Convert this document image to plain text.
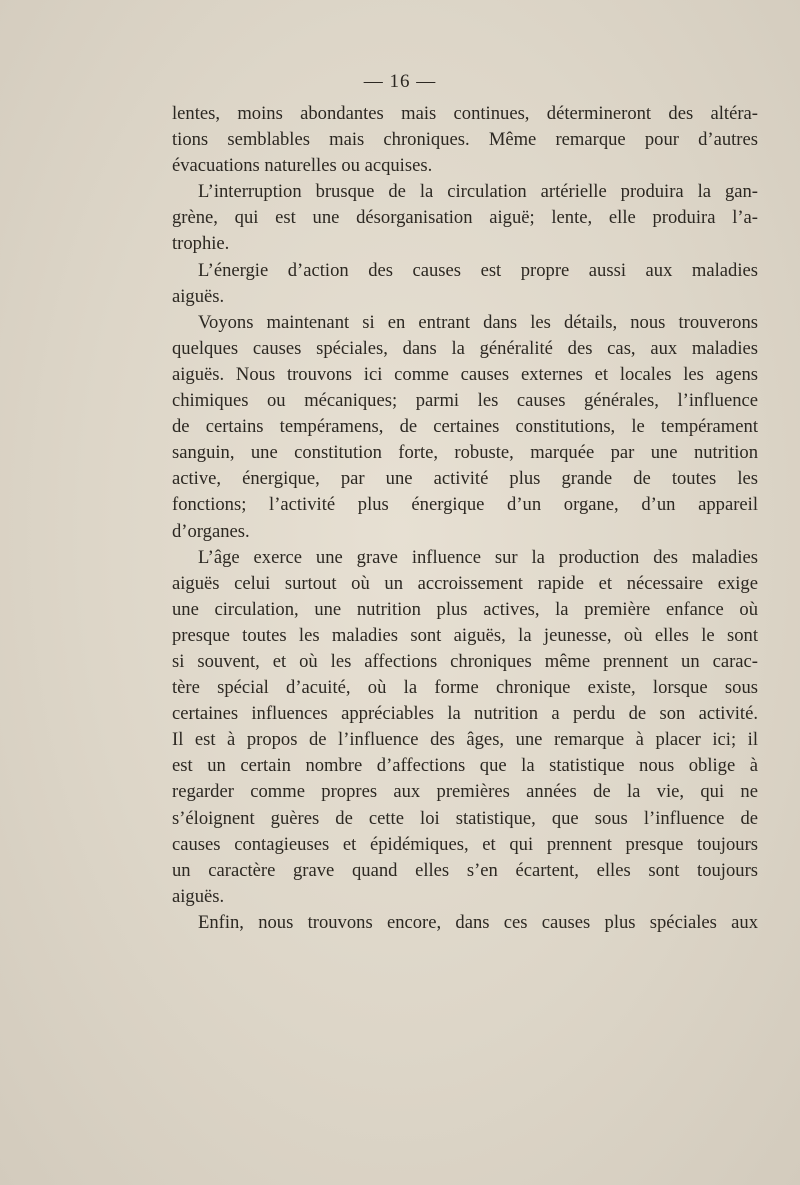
— 16 —
lentes, moins abondantes mais continues, détermineront des altéra-
tions semblables mais chroniques. Même remarque pour d’autres
évacuations naturelles ou acquises.
L’interruption brusque de la circulation artérielle produira la gan-
grène, qui est une désorganisation aiguë; lente, elle produira l’a-
trophie.
L’énergie d’action des causes est propre aussi aux maladies
aiguës.
Voyons maintenant si en entrant dans les détails, nous trouverons
quelques causes spéciales, dans la généralité des cas, aux maladies
aiguës. Nous trouvons ici comme causes externes et locales les agens
chimiques ou mécaniques; parmi les causes générales, l’influence
de certains tempéramens, de certaines constitutions, le tempérament
sanguin, une constitution forte, robuste, marquée par une nutrition
active, énergique, par une activité plus grande de toutes les
fonctions; l’activité plus énergique d’un organe, d’un appareil
d’organes.
L’âge exerce une grave influence sur la production des maladies
aiguës celui surtout où un accroissement rapide et nécessaire exige
une circulation, une nutrition plus actives, la première enfance où
presque toutes les maladies sont aiguës, la jeunesse, où elles le sont
si souvent, et où les affections chroniques même prennent un carac-
tère spécial d’acuité, où la forme chronique existe, lorsque sous
certaines influences appréciables la nutrition a perdu de son activité.
Il est à propos de l’influence des âges, une remarque à placer ici; il
est un certain nombre d’affections que la statistique nous oblige à
regarder comme propres aux premières années de la vie, qui ne
s’éloignent guères de cette loi statistique, que sous l’influence de
causes contagieuses et épidémiques, et qui prennent presque toujours
un caractère grave quand elles s’en écartent, elles sont toujours
aiguës.
Enfin, nous trouvons encore, dans ces causes plus spéciales aux
